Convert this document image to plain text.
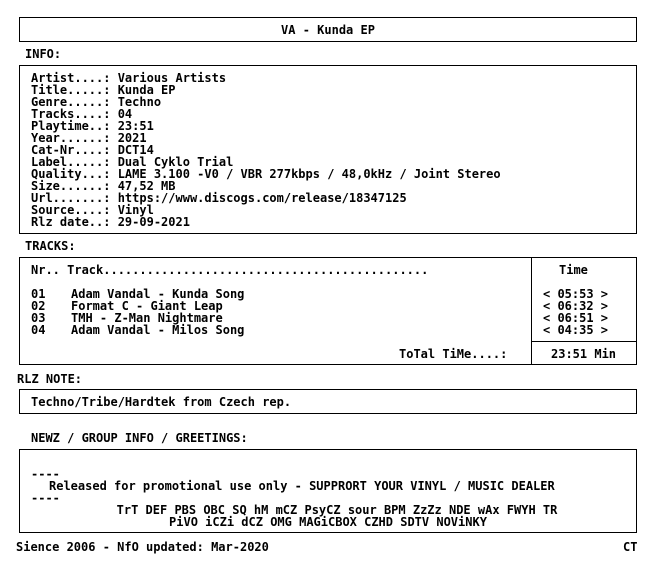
VA - Kunda EP
INFO:
Artist....: Various Artists
Title.....: Kunda EP
Genre.....: Techno
Tracks....: 04
Playtime..: 23:51
Year......: 2021
Cat-Nr....: DCT14
Label.....: Dual Cyklo Trial
Quality...: LAME 3.100 -V0 / VBR 277kbps / 48,0kHz / Joint Stereo
Size......: 47,52 MB
Url.......: https://www.discogs.com/release/18347125
Source....: Vinyl
Rlz date..: 29-09-2021
TRACKS:
Nr.. Track.............................................	Time
01 Adam Vandal - Kunda Song	< 05:53 >
02 Format C - Giant Leap	< 06:32 >
03 TMH - Z-Man Nightmare	< 06:51 >
04 Adam Vandal - Milos Song	< 04:35 >
ToTal TiMe....:	23:51 Min
RLZ NOTE:
Techno/Tribe/Hardtek from Czech rep.
NEWZ / GROUP INFO / GREETINGS:
----
Released for promotional use only - SUPPRORT YOUR VINYL / MUSIC DEALER
----
TrT DEF PBS OBC SQ hM mCZ PsyCZ sour BPM ZzZz NDE wAx FWYH TR
PiVO iCZi dCZ OMG MAGiCBOX CZHD SDTV NOViNKY
Sience 2006 - NfO updated: Mar-2020	CT
